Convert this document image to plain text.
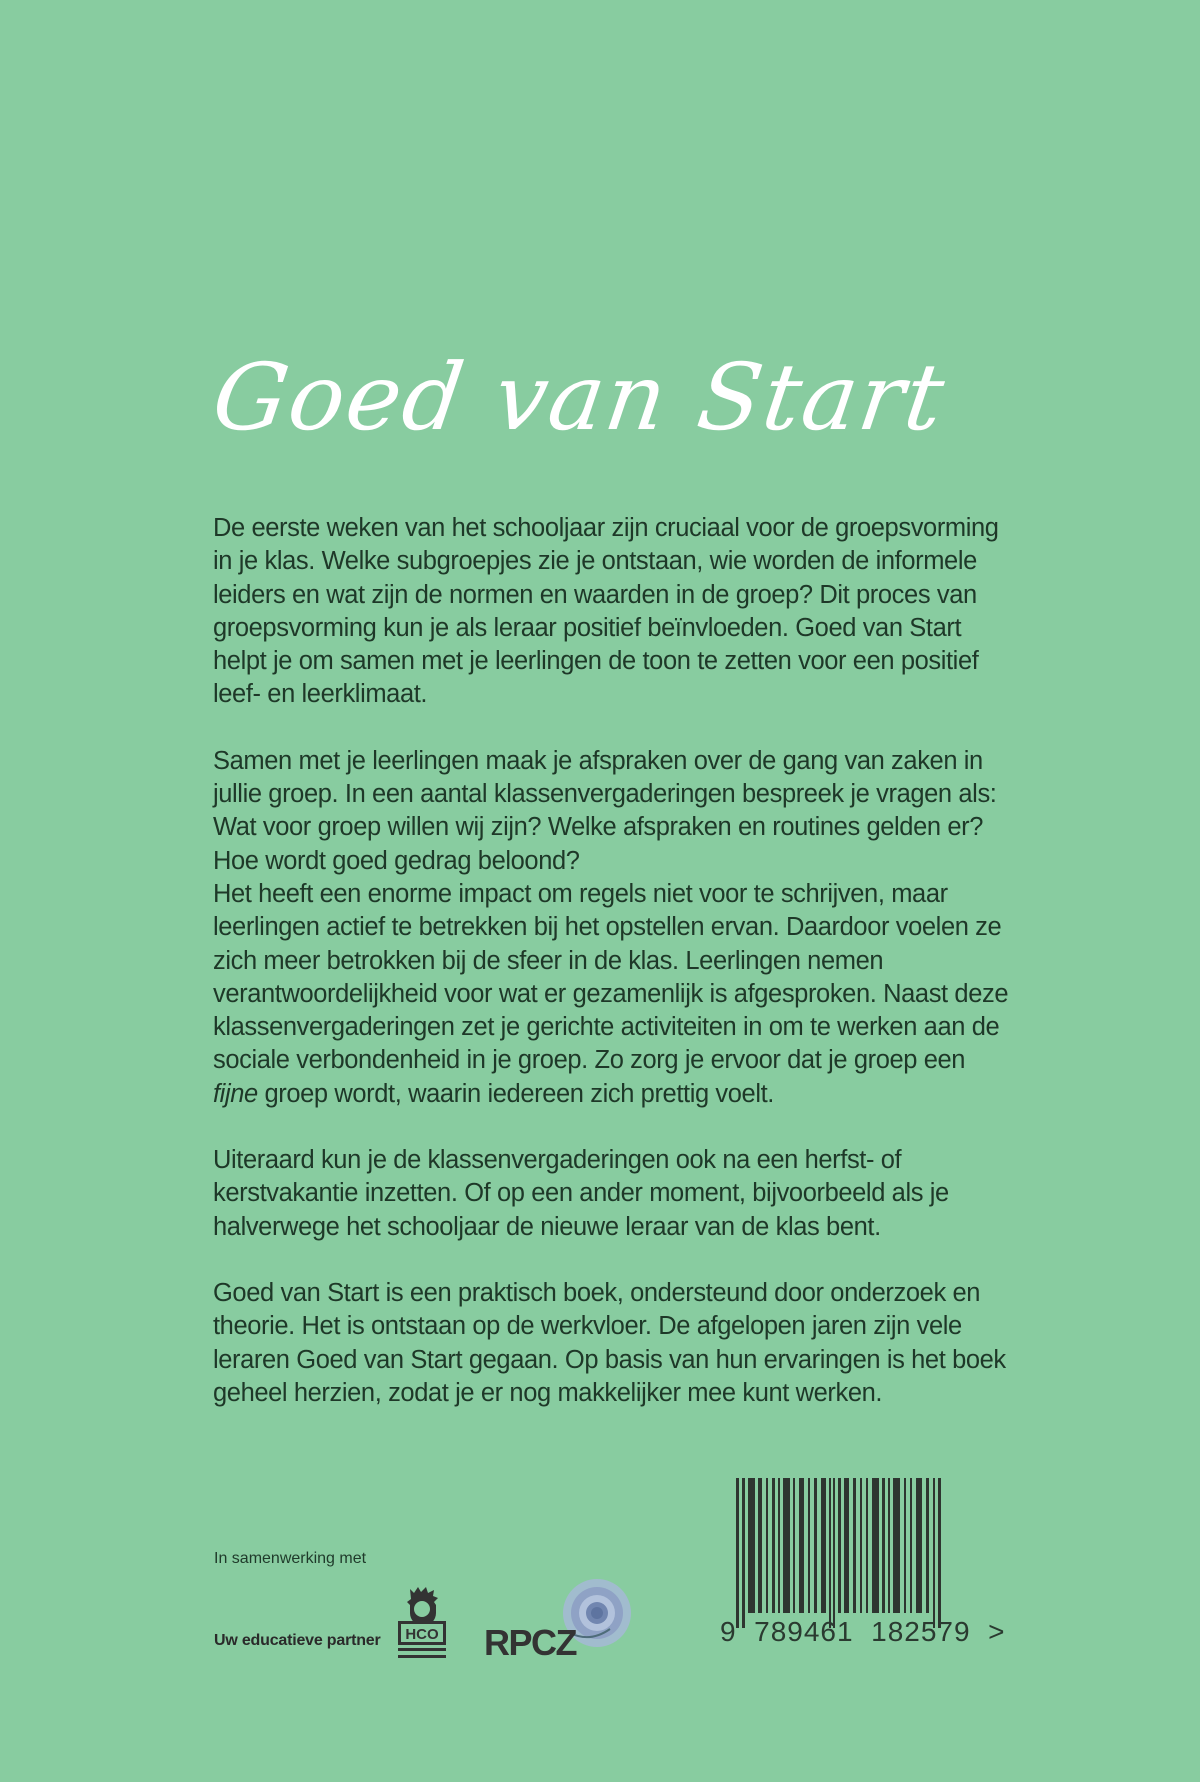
Goed van Start

De eerste weken van het schooljaar zijn cruciaal voor de groepsvorming in je klas. Welke subgroepjes zie je ontstaan, wie worden de informele leiders en wat zijn de normen en waarden in de groep? Dit proces van groepsvorming kun je als leraar positief beïnvloeden. Goed van Start helpt je om samen met je leerlingen de toon te zetten voor een positief leef- en leerklimaat.

Samen met je leerlingen maak je afspraken over de gang van zaken in jullie groep. In een aantal klassenvergaderingen bespreek je vragen als: Wat voor groep willen wij zijn? Welke afspraken en routines gelden er? Hoe wordt goed gedrag beloond?

Het heeft een enorme impact om regels niet voor te schrijven, maar leerlingen actief te betrekken bij het opstellen ervan. Daardoor voelen ze zich meer betrokken bij de sfeer in de klas. Leerlingen nemen verantwoordelijkheid voor wat er gezamenlijk is afgesproken. Naast deze klassenvergaderingen zet je gerichte activiteiten in om te werken aan de sociale verbondenheid in je groep. Zo zorg je ervoor dat je groep een fijne groep wordt, waarin iedereen zich prettig voelt.

Uiteraard kun je de klassenvergaderingen ook na een herfst- of kerstvakantie inzetten. Of op een ander moment, bijvoorbeeld als je halverwege het schooljaar de nieuwe leraar van de klas bent.

Goed van Start is een praktisch boek, ondersteund door onderzoek en theorie. Het is ontstaan op de werkvloer. De afgelopen jaren zijn vele leraren Goed van Start gegaan. Op basis van hun ervaringen is het boek geheel herzien, zodat je er nog makkelijker mee kunt werken.

In samenwerking met
Uw educatieve partner HCO RPCZ	9  789461  182579  >
